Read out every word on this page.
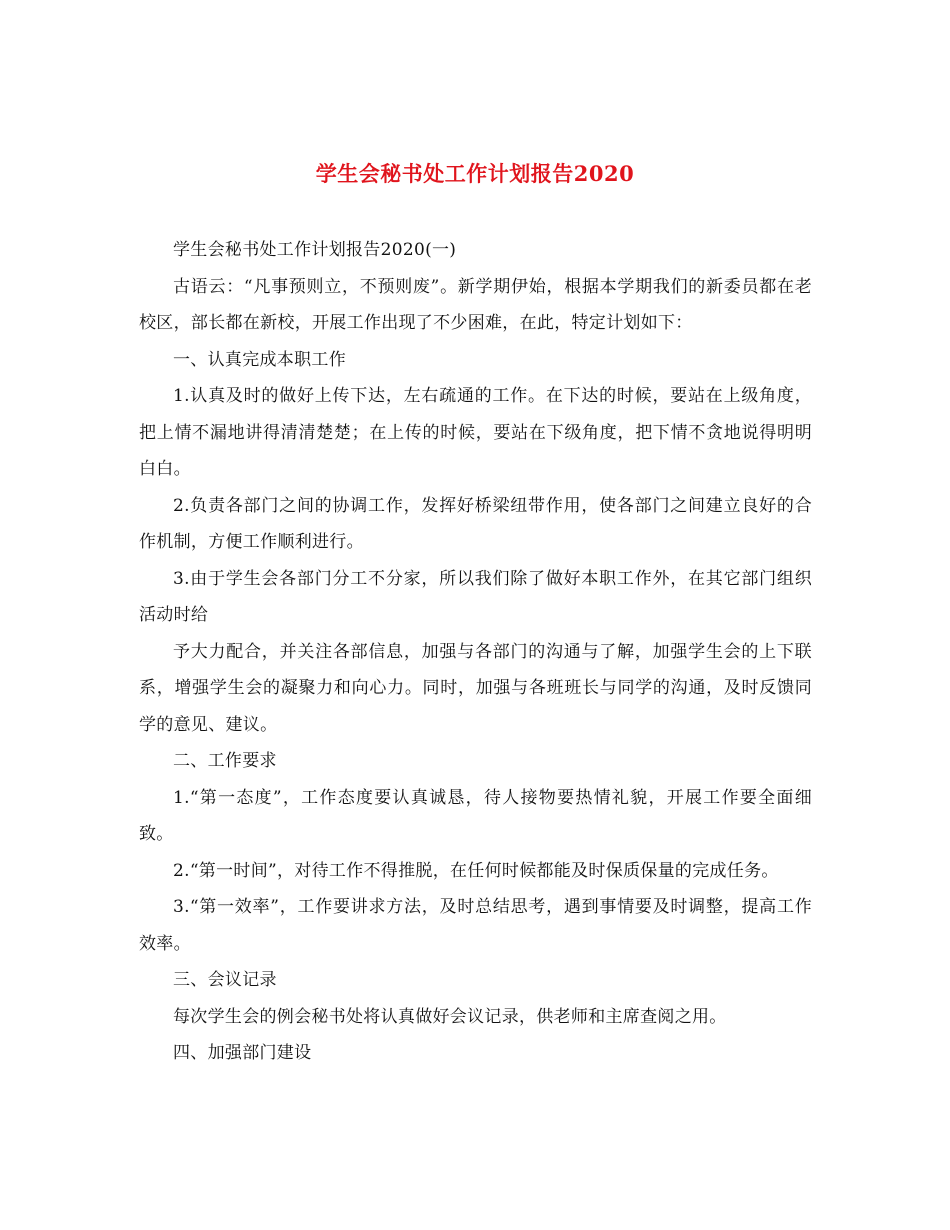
学生会秘书处工作计划报告2020

学生会秘书处工作计划报告2020(一)

古语云：“凡事预则立，不预则废”。新学期伊始，根据本学期我们的新委员都在老校区，部长都在新校，开展工作出现了不少困难，在此，特定计划如下：

一、认真完成本职工作

1.认真及时的做好上传下达，左右疏通的工作。在下达的时候，要站在上级角度，把上情不漏地讲得清清楚楚；在上传的时候，要站在下级角度，把下情不贪地说得明明白白。

2.负责各部门之间的协调工作，发挥好桥梁纽带作用，使各部门之间建立良好的合作机制，方便工作顺利进行。

3.由于学生会各部门分工不分家，所以我们除了做好本职工作外，在其它部门组织活动时给

予大力配合，并关注各部信息，加强与各部门的沟通与了解，加强学生会的上下联系，增强学生会的凝聚力和向心力。同时，加强与各班班长与同学的沟通，及时反馈同学的意见、建议。

二、工作要求

1.“第一态度”，工作态度要认真诚恳，待人接物要热情礼貌，开展工作要全面细致。

2.“第一时间”，对待工作不得推脱，在任何时候都能及时保质保量的完成任务。

3.“第一效率”，工作要讲求方法，及时总结思考，遇到事情要及时调整，提高工作效率。

三、会议记录

每次学生会的例会秘书处将认真做好会议记录，供老师和主席查阅之用。

四、加强部门建设
